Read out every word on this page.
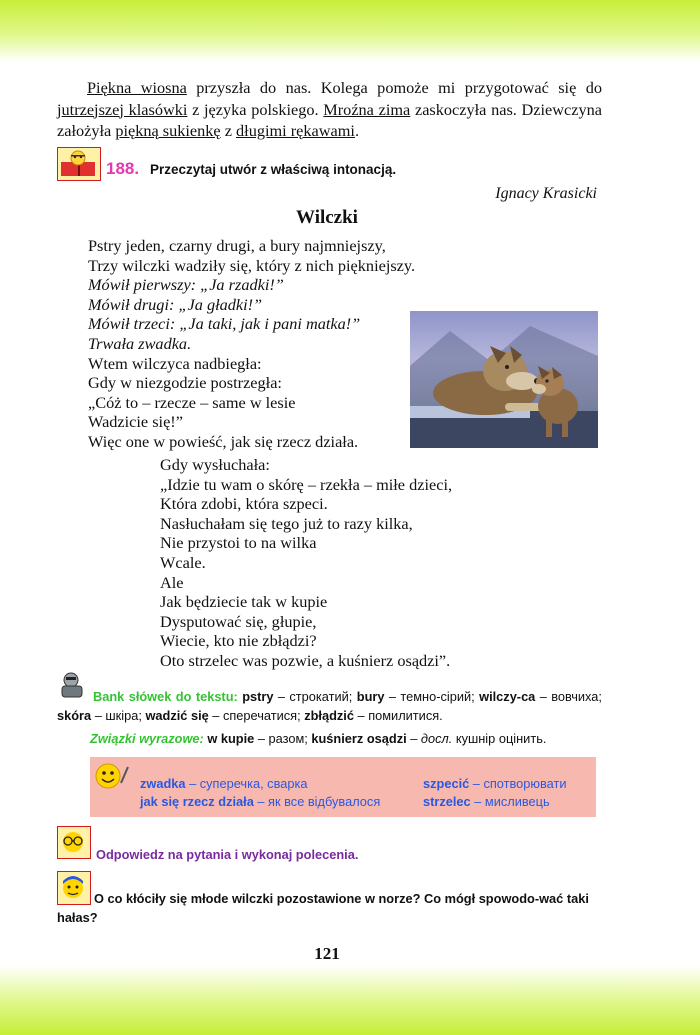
Piękna wiosna przyszła do nas. Kolega pomoże mi przygotować się do jutrzejszej klasówki z języka polskiego. Mroźna zima zaskoczyła nas. Dziewczyna założyła piękną sukienkę z długimi rękawami.
188. Przeczytaj utwór z właściwą intonacją.
Ignacy Krasicki
Wilczki
Pstry jeden, czarny drugi, a bury najmniejszy,
Trzy wilczki wadziły się, który z nich piękniejszy.
Mówił pierwszy: „Ja rzadki!”
Mówił drugi: „Ja gładki!”
Mówił trzeci: „Ja taki, jak i pani matka!”
Trwała zwadka.
Wtem wilczyca nadbiegła:
Gdy w niezgodzie postrzegła:
„Cóż to – rzecze – same w lesie
Wadzicie się!”
Więc one w powieść, jak się rzecz działa.
Gdy wysłuchała:
„Idzie tu wam o skórę – rzekła – miłe dzieci,
Która zdobi, która szpeci.
Nasłuchałam się tego już to razy kilka,
Nie przystoi to na wilka
Wcale.
Ale
Jak będziecie tak w kupie
Dysputować się, głupie,
Wiecie, kto nie zbłądzi?
Oto strzelec was pozwie, a kuśnierz osądzi”.
Bank słówek do tekstu: pstry – строкатий; bury – темно-сірий; wilczy-ca – вовчиха; skóra – шкіра; wadzić się – сперечатися; zbłądzić – помилитися.
Związki wyrazowe: w kupie – разом; kuśnierz osądzi – досл. кушнір оцінить.
zwadka – суперечка, сварка	szpecić – спотворювати
jak się rzecz działa – як все відбувалося	strzelec – мисливець
Odpowiedz na pytania i wykonaj polecenia.
O co kłóciły się młode wilczki pozostawione w norze? Co mógł spowodo-wać taki hałas?
121
